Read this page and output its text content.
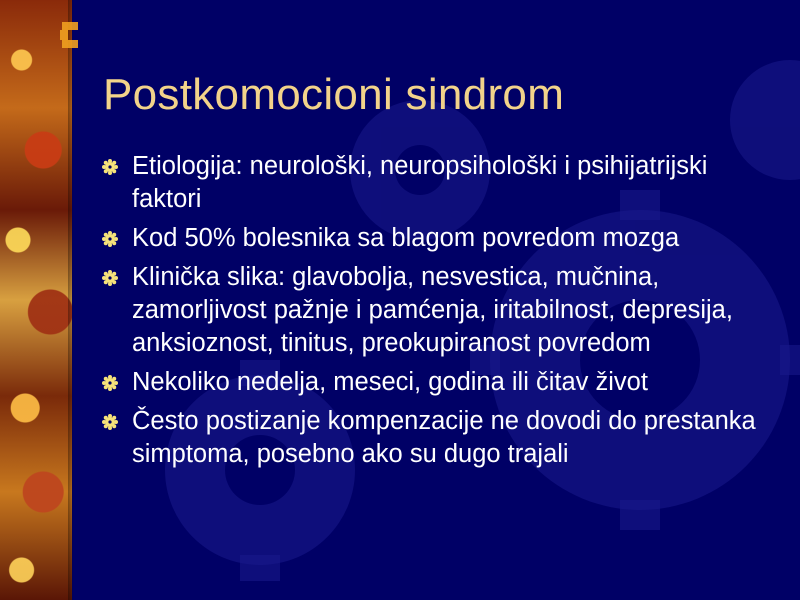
Postkomocioni sindrom
Etiologija: neurološki, neuropsihološki i psihijatrijski faktori
Kod 50% bolesnika sa blagom povredom mozga
Klinička slika: glavobolja, nesvestica, mučnina, zamorljivost pažnje i pamćenja, iritabilnost, depresija, anksioznost, tinitus, preokupiranost povredom
Nekoliko nedelja, meseci, godina ili čitav život
Često postizanje kompenzacije ne dovodi do prestanka simptoma, posebno ako su dugo trajali
